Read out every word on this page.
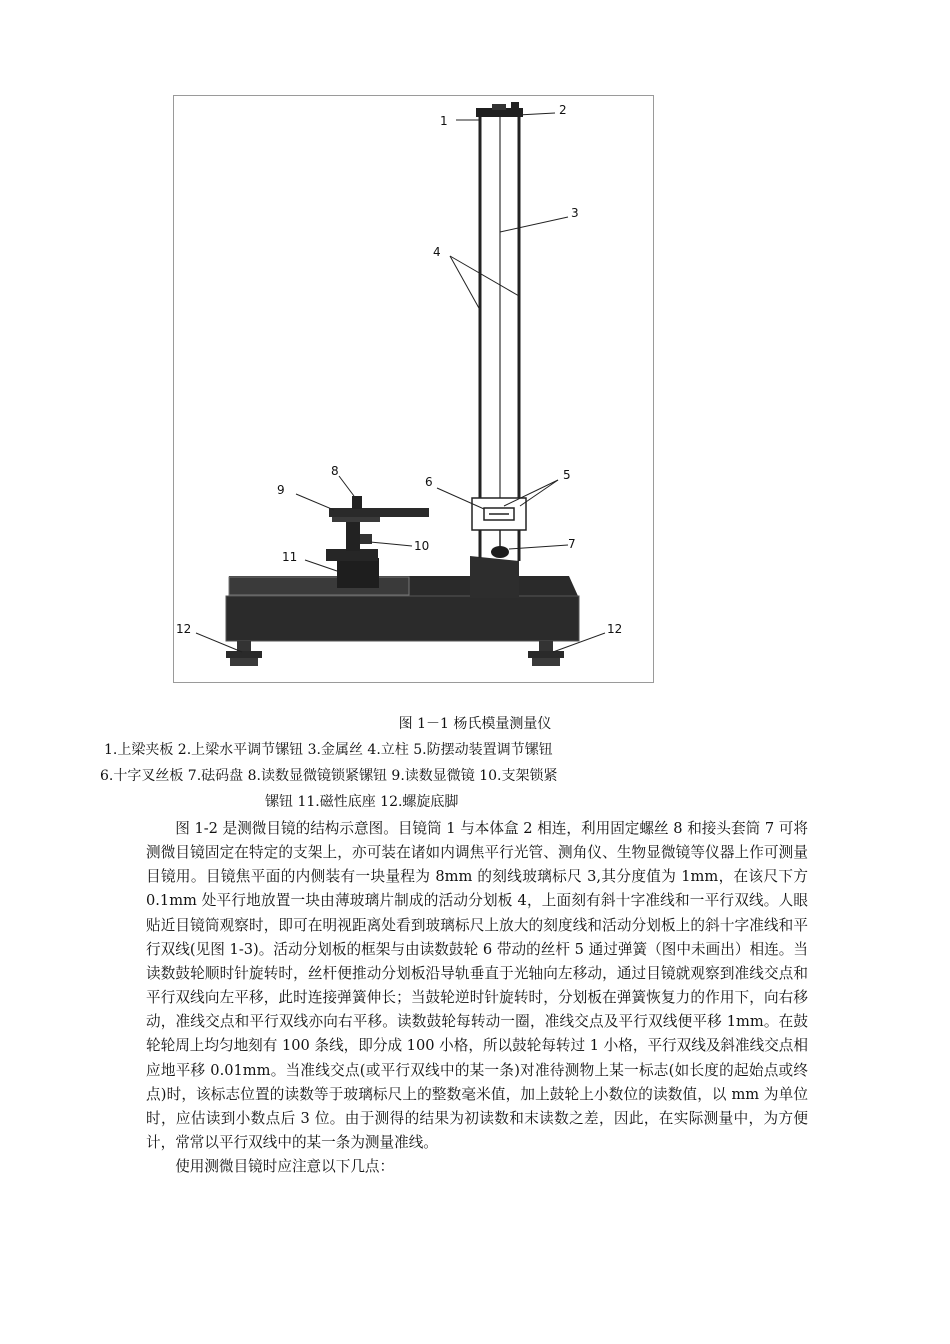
1
2
3
4
5
6
7
8
9
10
11
12	12
图 1－1 杨氏模量测量仪
1.上梁夹板 2.上梁水平调节镙钮 3.金属丝 4.立柱 5.防摆动装置调节镙钮
6.十字叉丝板 7.砝码盘 8.读数显微镜锁紧镙钮 9.读数显微镜 10.支架锁紧
镙钮 11.磁性底座 12.螺旋底脚

图 1-2 是测微目镜的结构示意图。目镜筒 1 与本体盒 2 相连，利用固定螺丝 8 和接头套筒 7 可将测微目镜固定在特定的支架上，亦可装在诸如内调焦平行光管、测角仪、生物显微镜等仪器上作可测量目镜用。目镜焦平面的内侧装有一块量程为 8mm 的刻线玻璃标尺 3,其分度值为 1mm，在该尺下方 0.1mm 处平行地放置一块由薄玻璃片制成的活动分划板 4，上面刻有斜十字准线和一平行双线。人眼贴近目镜筒观察时，即可在明视距离处看到玻璃标尺上放大的刻度线和活动分划板上的斜十字准线和平行双线(见图 1-3)。活动分划板的框架与由读数鼓轮 6 带动的丝杆 5 通过弹簧（图中未画出）相连。当读数鼓轮顺时针旋转时，丝杆便推动分划板沿导轨垂直于光轴向左移动，通过目镜就观察到准线交点和平行双线向左平移，此时连接弹簧伸长；当鼓轮逆时针旋转时，分划板在弹簧恢复力的作用下，向右移动，准线交点和平行双线亦向右平移。读数鼓轮每转动一圈，准线交点及平行双线便平移 1mm。在鼓轮轮周上均匀地刻有 100 条线，即分成 100 小格，所以鼓轮每转过 1 小格，平行双线及斜准线交点相应地平移 0.01mm。当准线交点(或平行双线中的某一条)对准待测物上某一标志(如长度的起始点或终点)时，该标志位置的读数等于玻璃标尺上的整数毫米值，加上鼓轮上小数位的读数值，以 mm 为单位时，应估读到小数点后 3 位。由于测得的结果为初读数和末读数之差，因此，在实际测量中，为方便计，常常以平行双线中的某一条为测量准线。

使用测微目镜时应注意以下几点：
